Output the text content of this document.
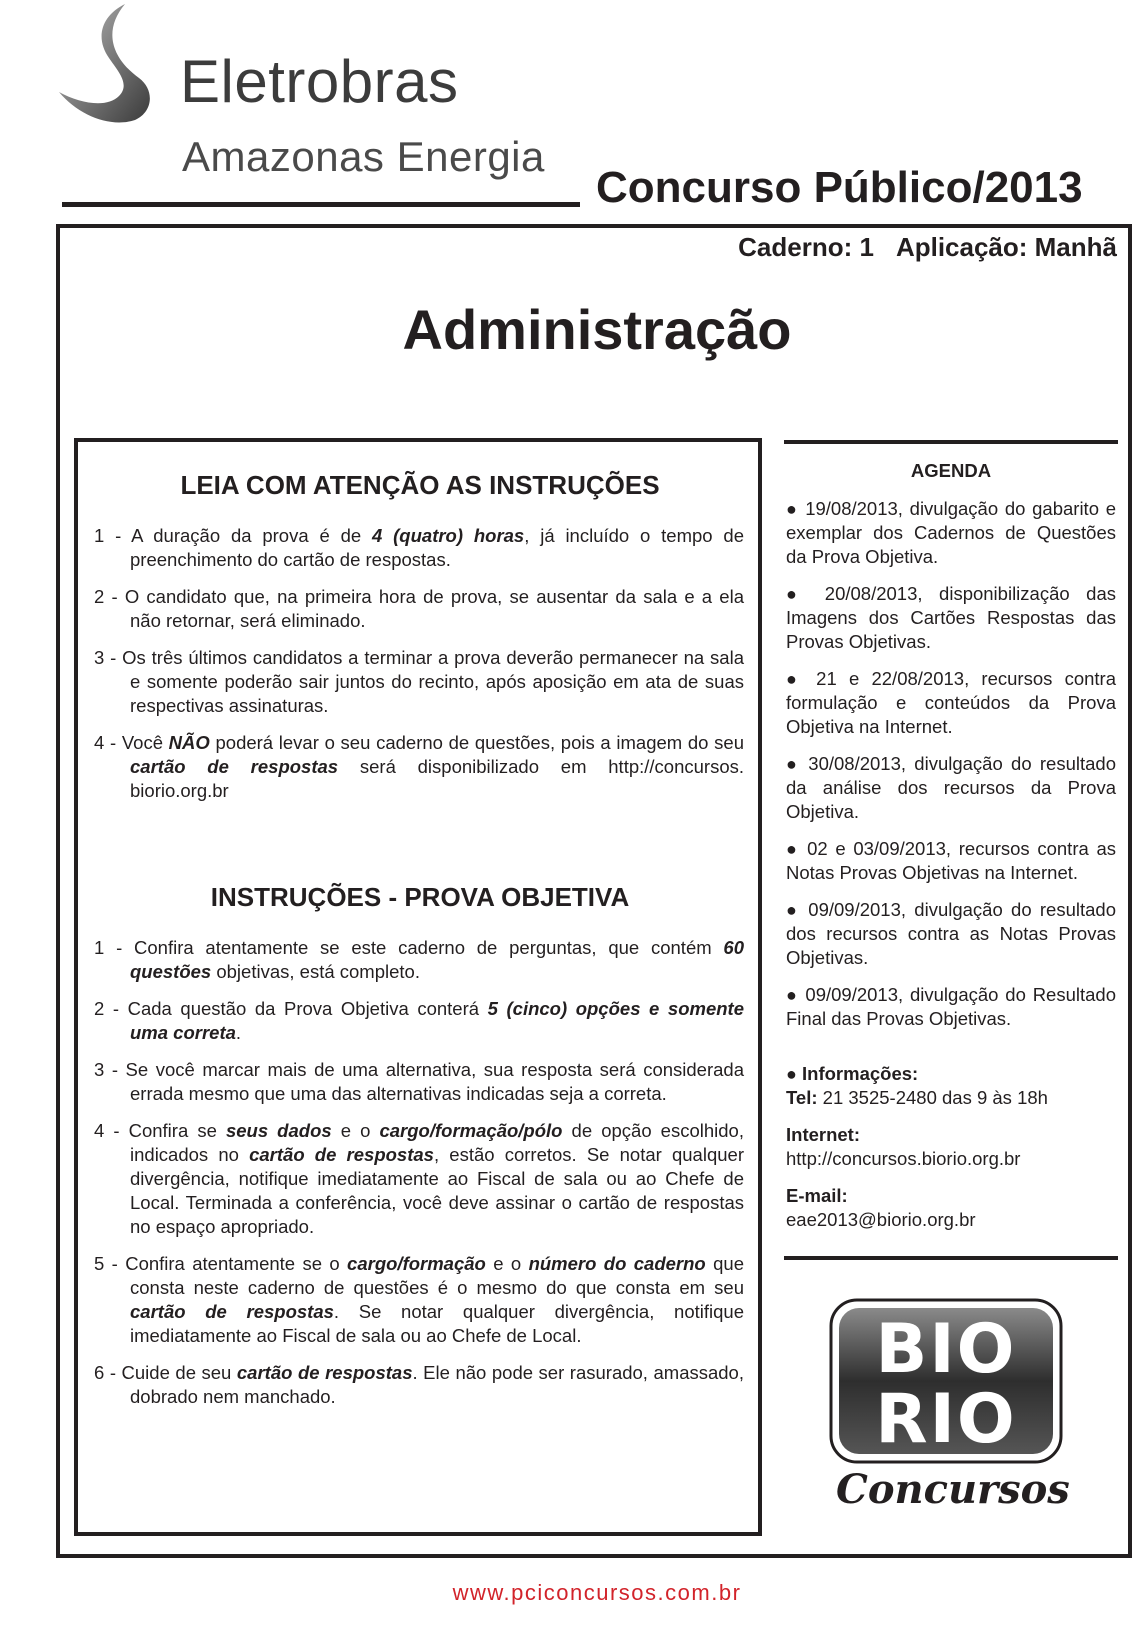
Eletrobras
Amazonas Energia
Concurso Público/2013
Caderno: 1 Aplicação: Manhã
Administração
LEIA COM ATENÇÃO AS INSTRUÇÕES
1 - A duração da prova é de 4 (quatro) horas, já incluído o tempo de preenchimento do cartão de respostas.
2 - O candidato que, na primeira hora de prova, se ausentar da sala e a ela não retornar, será eliminado.
3 - Os três últimos candidatos a terminar a prova deverão permanecer na sala e somente poderão sair juntos do recinto, após aposição em ata de suas respectivas assinaturas.
4 - Você NÃO poderá levar o seu caderno de questões, pois a imagem do seu cartão de respostas será disponibilizado em http://concursos. biorio.org.br
INSTRUÇÕES - PROVA OBJETIVA
1 - Confira atentamente se este caderno de perguntas, que contém 60 questões objetivas, está completo.
2 - Cada questão da Prova Objetiva conterá 5 (cinco) opções e somente uma correta.
3 - Se você marcar mais de uma alternativa, sua resposta será considerada errada mesmo que uma das alternativas indicadas seja a correta.
4 - Confira se seus dados e o cargo/formação/pólo de opção escolhido, indicados no cartão de respostas, estão corretos. Se notar qualquer divergência, notifique imediatamente ao Fiscal de sala ou ao Chefe de Local. Terminada a conferência, você deve assinar o cartão de respostas no espaço apropriado.
5 - Confira atentamente se o cargo/formação e o número do caderno que consta neste caderno de questões é o mesmo do que consta em seu cartão de respostas. Se notar qualquer divergência, notifique imediatamente ao Fiscal de sala ou ao Chefe de Local.
6 - Cuide de seu cartão de respostas. Ele não pode ser rasurado, amassado, dobrado nem manchado.
AGENDA
● 19/08/2013, divulgação do gabarito e exemplar dos Cadernos de Questões da Prova Objetiva.
● 20/08/2013, disponibilização das Imagens dos Cartões Respostas das Provas Objetivas.
● 21 e 22/08/2013, recursos contra formulação e conteúdos da Prova Objetiva na Internet.
● 30/08/2013, divulgação do resultado da análise dos recursos da Prova Objetiva.
● 02 e 03/09/2013, recursos contra as Notas Provas Objetivas na Internet.
● 09/09/2013, divulgação do resultado dos recursos contra as Notas Provas Objetivas.
● 09/09/2013, divulgação do Resultado Final das Provas Objetivas.
● Informações:
Tel: 21 3525-2480 das 9 às 18h
Internet:
http://concursos.biorio.org.br
E-mail:
eae2013@biorio.org.br
BIO
RIO
Concursos
www.pciconcursos.com.br
